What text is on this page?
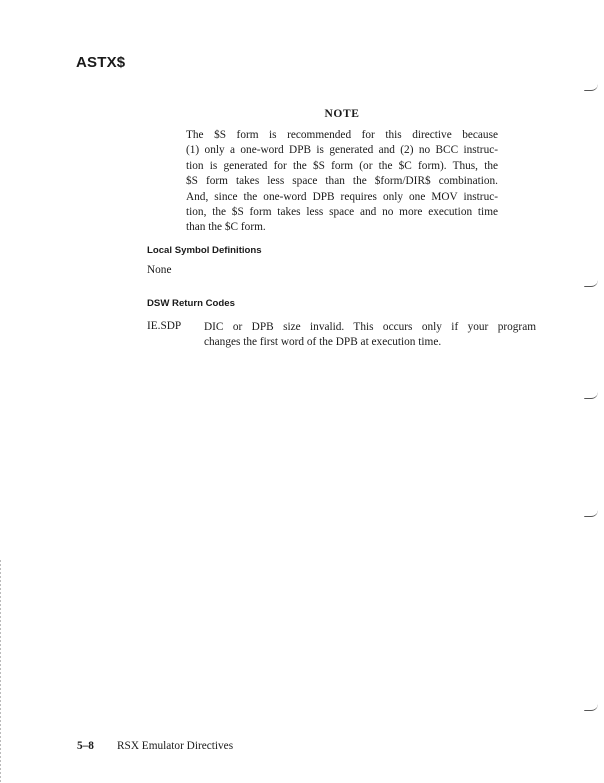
ASTX$
NOTE
The $S form is recommended for this directive because
(1) only a one-word DPB is generated and (2) no BCC instruc-
tion is generated for the $S form (or the $C form). Thus, the
$S form takes less space than the $form/DIR$ combination.
And, since the one-word DPB requires only one MOV instruc-
tion, the $S form takes less space and no more execution time
than the $C form.
Local Symbol Definitions
None
DSW Return Codes
IE.SDP DIC or DPB size invalid. This occurs only if your program
changes the first word of the DPB at execution time.
5–8 RSX Emulator Directives
